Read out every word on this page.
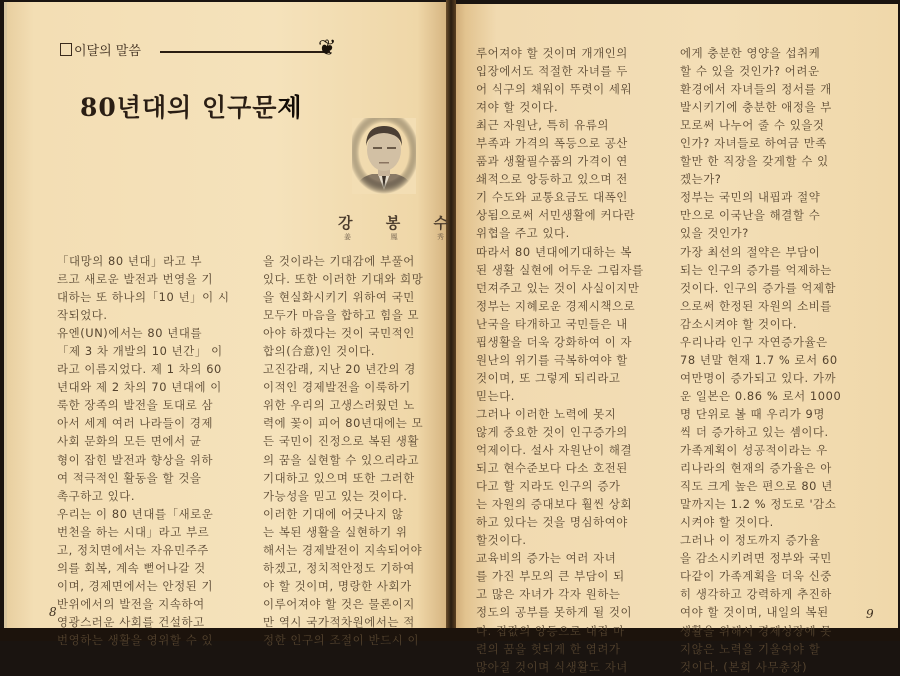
이달의 말씀	❦
80년대의 인구문제
강 봉 수
姜	鳳	秀
「대망의 80 년대」라고 부
르고 새로운 발전과 번영을 기
대하는 또 하나의「10 년」이 시
작되었다.
유엔(UN)에서는 80 년대를
「제 3 차 개발의 10 년간」 이
라고 이름지었다. 제 1 차의 60
년대와 제 2 차의 70 년대에 이
룩한 장족의 발전을 토대로 삼
아서 세계 여러 나라들이 경제
사회 문화의 모든 면에서 균
형이 잡힌 발전과 향상을 위하
여 적극적인 활동을 할 것을
촉구하고 있다.
우리는 이 80 년대를「새로운
번천을 하는 시대」라고 부르
고, 정치면에서는 자유민주주
의를 회복, 계속 뻗어나갈 것
이며, 경제면에서는 안정된 기
반위에서의 발전을 지속하여
영광스러운 사회를 건설하고
번영하는 생활을 영위할 수 있
을 것이라는 기대감에 부풀어
있다. 또한 이러한 기대와 희망
을 현실화시키기 위하여 국민
모두가 마음을 합하고 힘을 모
아야 하겠다는 것이 국민적인
합의(合意)인 것이다.
고진감래, 지난 20 년간의 경
이적인 경제발전을 이룩하기
위한 우리의 고생스러웠던 노
력에 꽃이 피어 80년대에는 모
든 국민이 진정으로 복된 생활
의 꿈을 실현할 수 있으리라고
기대하고 있으며 또한 그러한
가능성을 믿고 있는 것이다.
이러한 기대에 어긋나지 않
는 복된 생활을 실현하기 위
해서는 경제발전이 지속되어야
하겠고, 정치적안정도 기하여
야 할 것이며, 명랑한 사회가
이루어져야 할 것은 물론이지
만 역시 국가적차원에서는 적
정한 인구의 조절이 반드시 이
루어져야 할 것이며 개개인의
입장에서도 적절한 자녀를 두
어 식구의 채워이 뚜렷이 세워
져야 할 것이다.
최근 자원난, 특히 유류의
부족과 가격의 폭등으로 공산
품과 생활필수품의 가격이 연
쇄적으로 앙등하고 있으며 전
기 수도와 교통요금도 대폭인
상됨으로써 서민생활에 커다란
위협을 주고 있다.
따라서 80 년대에기대하는 복
된 생활 실현에 어두운 그림자를
던져주고 있는 것이 사실이지만
정부는 지혜로운 경제시책으로
난국을 타개하고 국민들은 내
핍생활을 더욱 강화하여 이 자
원난의 위기를 극복하여야 할
것이며, 또 그렇게 되리라고
믿는다.
그러나 이러한 노력에 못지
않게 중요한 것이 인구증가의
억제이다. 설사 자원난이 해결
되고 현수준보다 다소 호전된
다고 할 지라도 인구의 증가
는 자원의 증대보다 훨씬 상회
하고 있다는 것을 명심하여야
할것이다.
교육비의 증가는 여러 자녀
를 가진 부모의 큰 부담이 되
고 많은 자녀가 각자 원하는
정도의 공부를 못하게 될 것이
다. 집값의 앙등으로 내집 마
련의 꿈을 헛되게 한 염려가
많아질 것이며 식생활도 자녀
에게 충분한 영양을 섭취케
할 수 있을 것인가? 어려운
환경에서 자녀들의 정서를 개
발시키기에 충분한 애정을 부
모로써 나누어 줄 수 있을것
인가? 자녀들로 하여금 만족
할만 한 직장을 갖게할 수 있
겠는가?
정부는 국민의 내핍과 절약
만으로 이국난을 해결할 수
있을 것인가?
가장 최선의 절약은 부담이
되는 인구의 증가를 억제하는
것이다. 인구의 증가를 억제함
으로써 한정된 자원의 소비를
감소시켜야 할 것이다.
우리나라 인구 자연증가율은
78 년말 현재 1.7 % 로서 60
여만명이 증가되고 있다. 가까
운 일본은 0.86 % 로서 1000
명 단위로 볼 때 우리가 9명
씩 더 증가하고 있는 셈이다.
가족계획이 성공적이라는 우
리나라의 현재의 증가율은 아
직도 크게 높은 편으로 80 년
말까지는 1.2 % 정도로 '감소
시켜야 할 것이다.
그러나 이 정도까지 증가율
을 감소시키려면 정부와 국민
다같이 가족계획을 더욱 신중
히 생각하고 강력하게 추진하
여야 할 것이며, 내일의 복된
생활을 위해서 경제성장에 못
지않은 노력을 기울여야 할
것이다. (본회 사무총장)
8	9
